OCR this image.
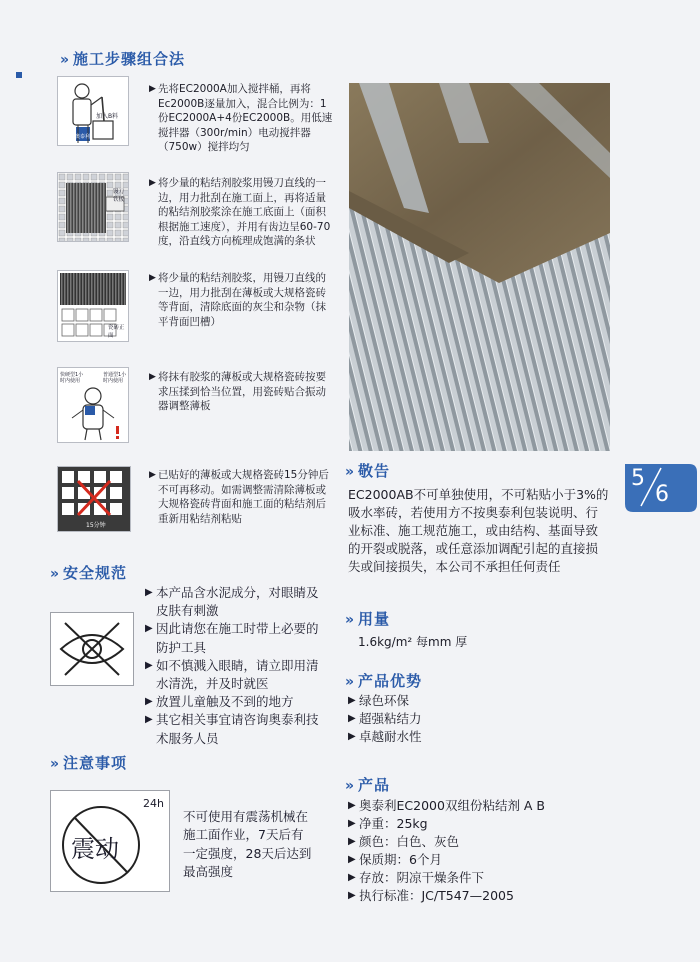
» 施工步骤组合法
加入B料
奥泰利
▶ 先将EC2000A加入搅拌桶，再将Ec2000B逐量加入，混合比例为：1份EC2000A+4份EC2000B。用低速搅拌器（300r/min）电动搅拌器（750w）搅拌均匀
镘刀铁板
▶ 将少量的粘结剂胶浆用镘刀直线的一边，用力批刮在施工面上，再将适量的粘结剂胶浆涂在施工底面上（面积根据施工速度），并用有齿边呈60-70度，沿直线方向梳理成饱满的条状
瓷砖正面
▶ 将少量的粘结剂胶浆，用镘刀直线的一边，用力批刮在薄板或大规格瓷砖等背面，清除底面的灰尘和杂物（抹平背面凹槽）
快硬型1小时内使用
普通型1小时内使用	▶ 将抹有胶浆的薄板或大规格瓷砖按要求压揉到恰当位置，用瓷砖贴合振动器调整薄板
15分钟
▶ 已贴好的薄板或大规格瓷砖15分钟后不可再移动。如需调整需清除薄板或大规格瓷砖背面和施工面的粘结剂后重新用粘结剂粘贴
» 安全规范
▶ 本产品含水泥成分，对眼睛及皮肤有刺激
▶ 因此请您在施工时带上必要的防护工具
▶ 如不慎溅入眼睛，请立即用清水清洗，并及时就医
▶ 放置儿童触及不到的地方
▶ 其它相关事宜请咨询奥泰利技术服务人员
» 注意事项
24h
震动
不可使用有震荡机械在施工面作业，7天后有一定强度，28天后达到最高强度
» 敬告
EC2000AB不可单独使用，不可粘贴小于3%的吸水率砖，若使用方不按奥泰利包装说明、行业标准、施工规范施工，或由结构、基面导致的开裂或脱落，或任意添加调配引起的直接损失或间接损失，本公司不承担任何责任
» 用量
1.6kg/m² 每mm 厚
» 产品优势
▶ 绿色环保
▶ 超强粘结力
▶ 卓越耐水性
» 产品
▶ 奥泰利EC2000双组份粘结剂 A B
▶ 净重：25kg
▶ 颜色：白色、灰色
▶ 保质期：6个月
▶ 存放：阴凉干燥条件下
▶ 执行标准：JC/T547—2005
5
6
